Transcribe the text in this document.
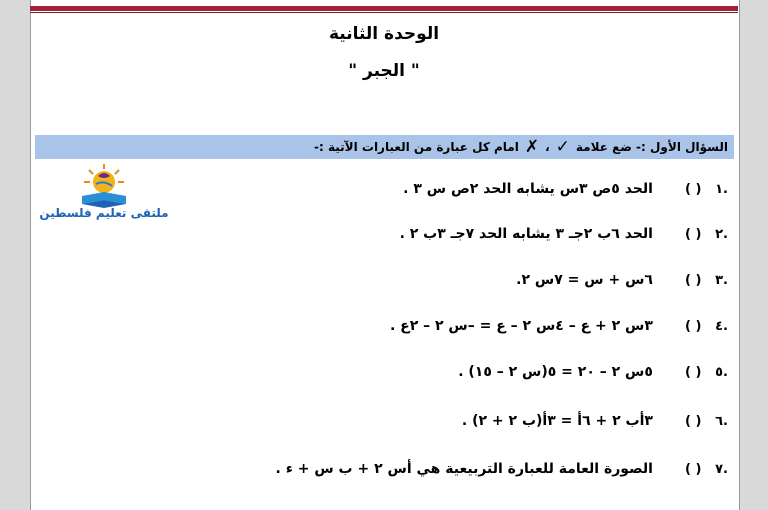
الوحدة الثانية
" الجبر "
السؤال الأول :- ضع علامة
✓
،
✗
امام كل عبارة من العبارات الآتية :-
ملتقى تعليم فلسطين
.١ ( ) الحد ٥ص ٣س يشابه الحد ٢ص س ٣ .
.٢ ( ) الحد ٦ب ٢جـ ٣ يشابه الحد ٧جـ ٣ب ٢ .
.٣ ( ) ٦س + س = ٧س ٢.
.٤ ( ) ٣س ٢ + ع – ٤س ٢ – ع = –س ٢ – ٢ع .
.٥ ( ) ٥س ٢ – ٢٠ = ٥(س ٢ – ١٥) .
.٦ ( ) ٣أب ٢ + ٦أ = ٣أ(ب ٢ + ٢) .
.٧ ( ) الصورة العامة للعبارة التربيعية هي أس ٢ + ب س + ء .
